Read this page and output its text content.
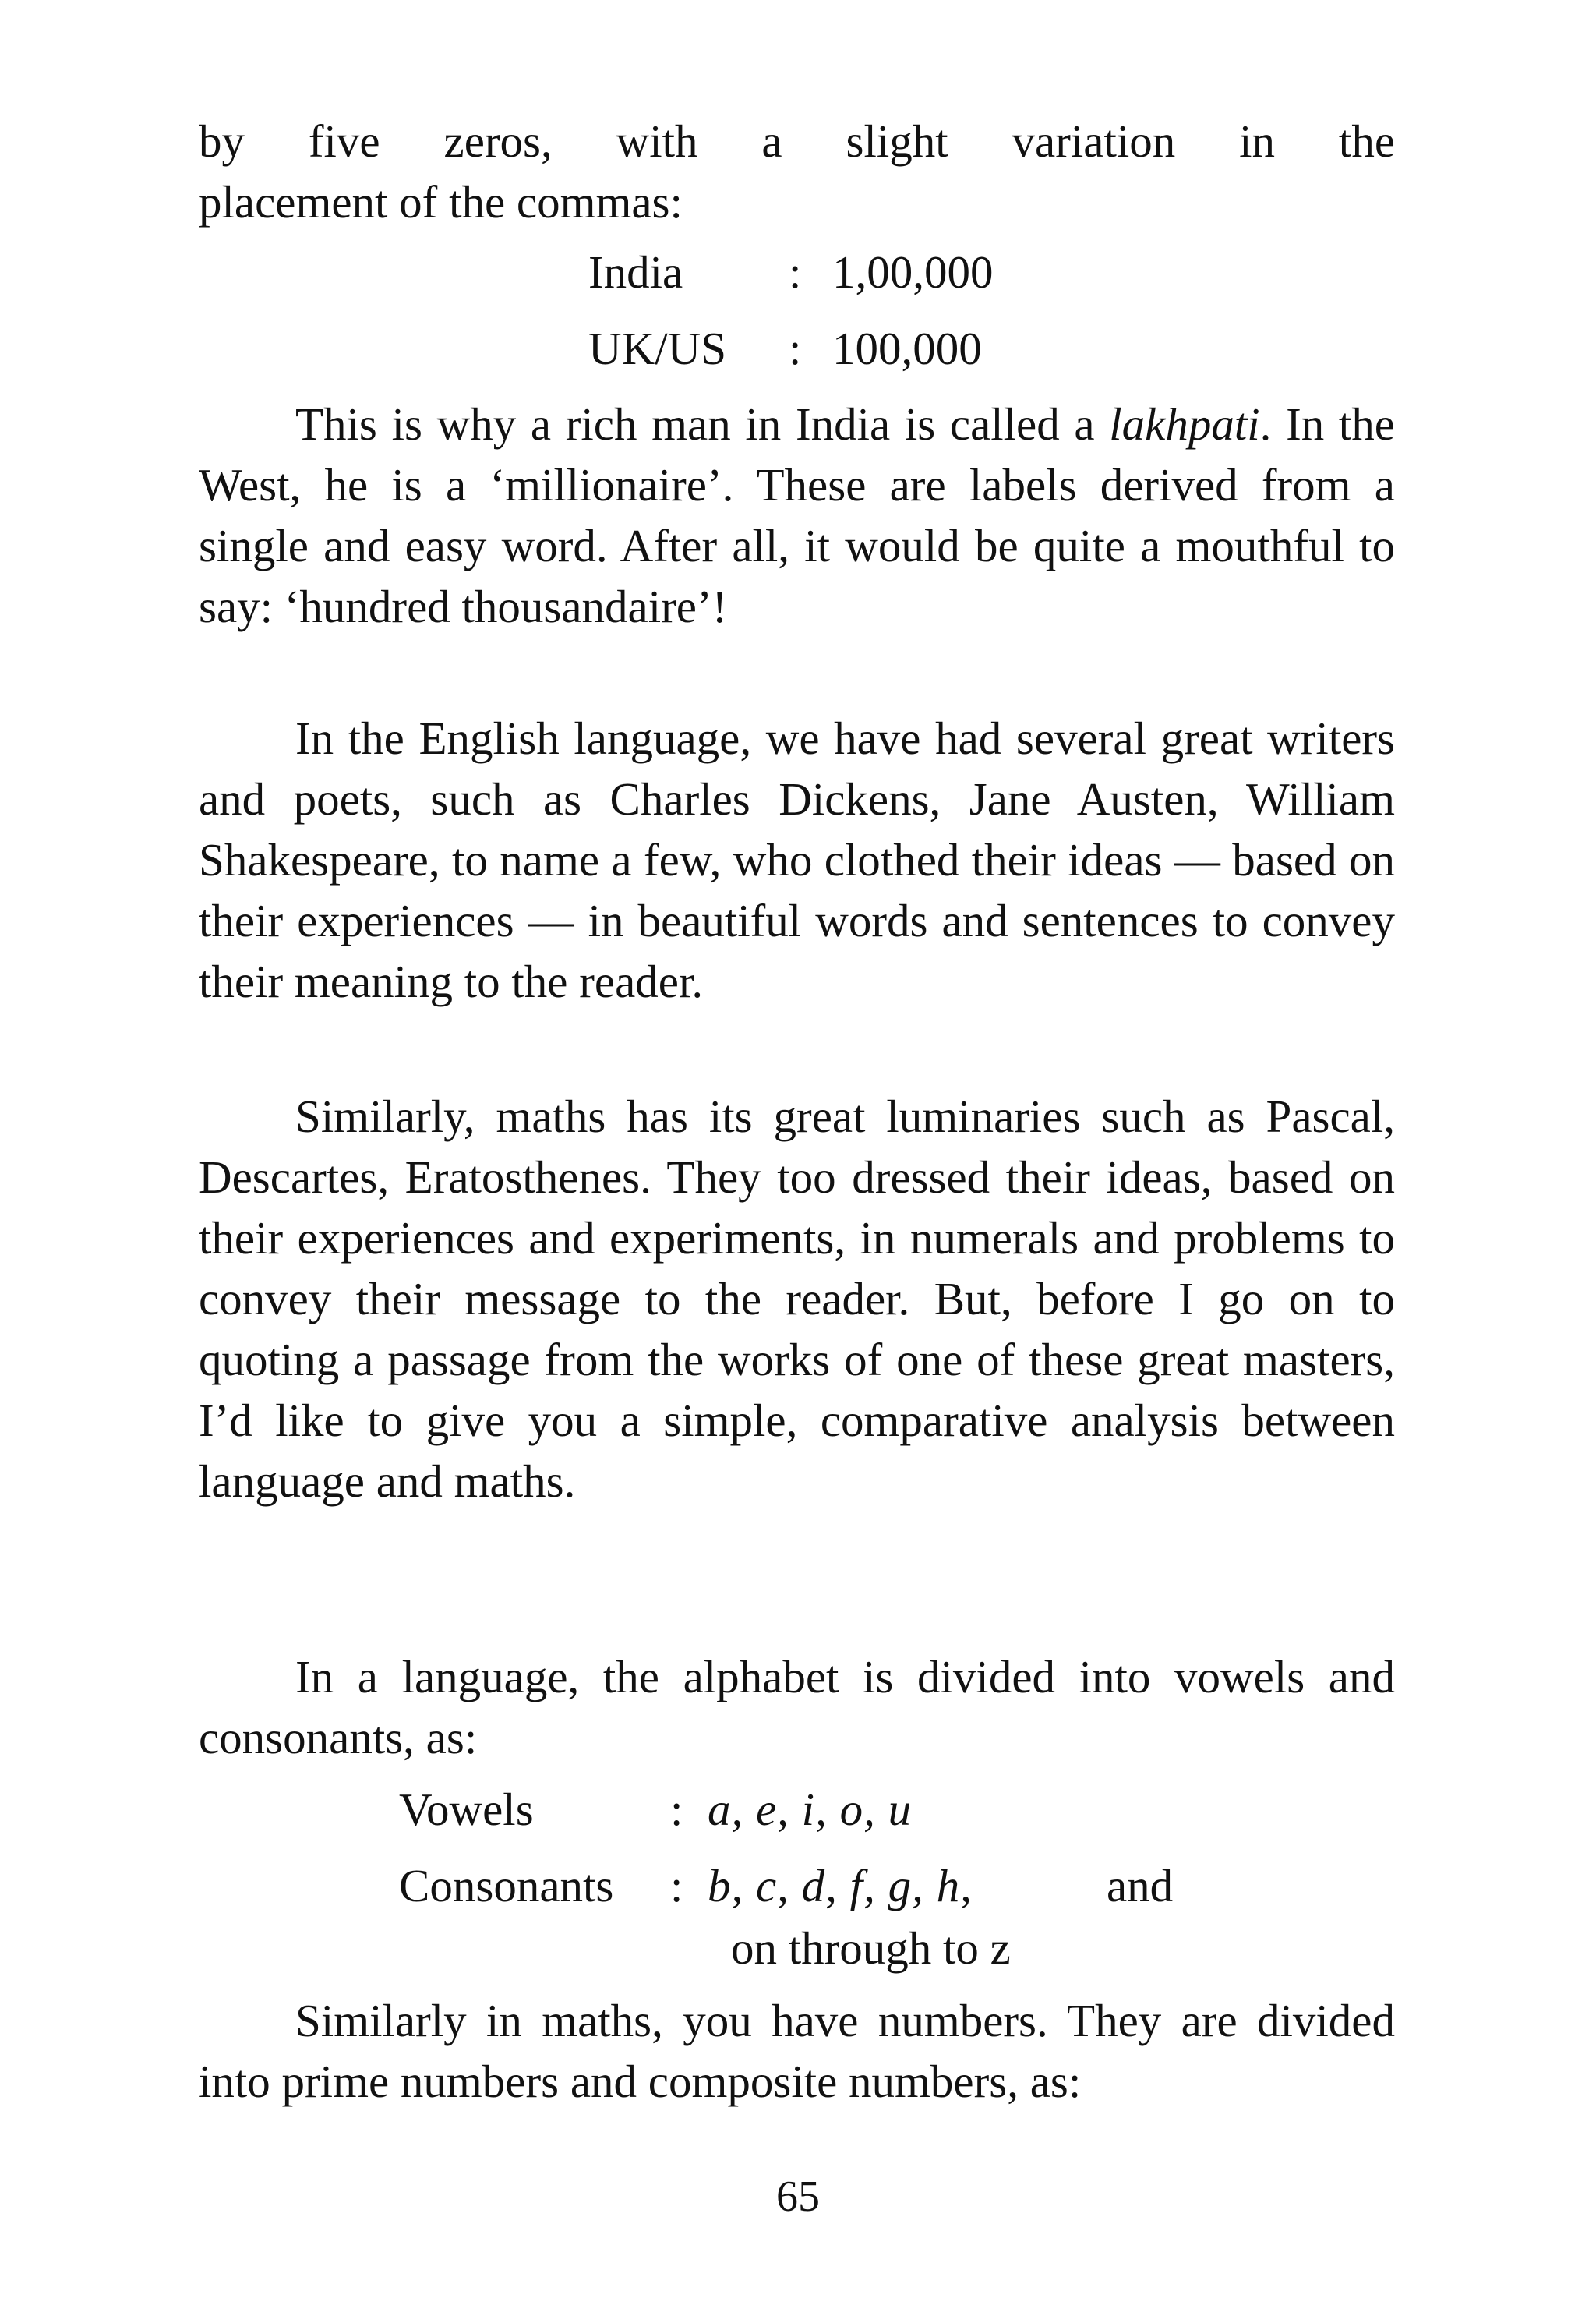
by five zeros, with a slight variation in the

placement of the commas:

India : 1,00,000
UK/US : 100,000

This is why a rich man in India is called a lakhpati. In the West, he is a ‘millionaire’. These are labels derived from a single and easy word. After all, it would be quite a mouthful to say: ‘hundred thousandaire’!

In the English language, we have had several great writers and poets, such as Charles Dickens, Jane Austen, William Shakespeare, to name a few, who clothed their ideas — based on their experiences — in beautiful words and sentences to convey their meaning to the reader.

Similarly, maths has its great luminaries such as Pascal, Descartes, Eratosthenes. They too dressed their ideas, based on their experiences and experiments, in numerals and problems to convey their message to the reader. But, before I go on to quoting a passage from the works of one of these great masters, I’d like to give you a simple, comparative analysis between language and maths.

In a language, the alphabet is divided into vowels and consonants, as:

Vowels	: a, e, i, o, u
Consonants : b, c, d, f, g, h,	and
on through to z

Similarly in maths, you have numbers. They are divided into prime numbers and composite numbers, as:

65
